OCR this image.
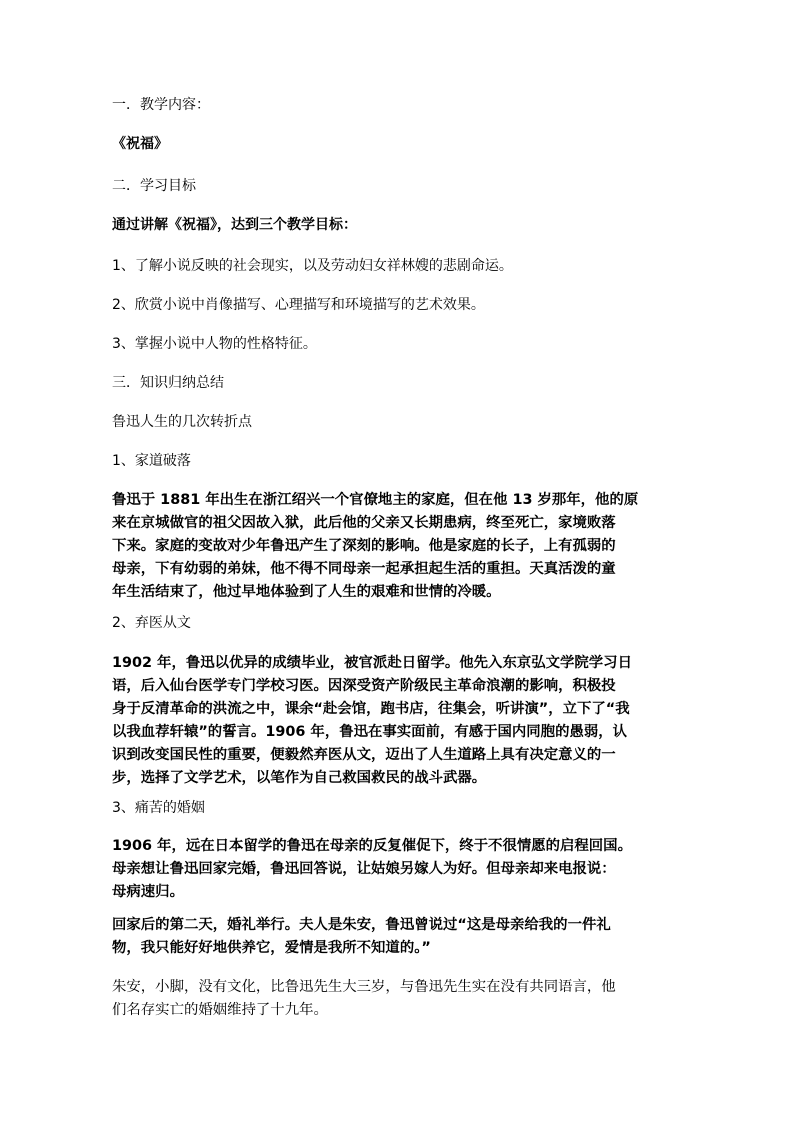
一．教学内容：
《祝福》
二．学习目标
通过讲解《祝福》，达到三个教学目标：
1、了解小说反映的社会现实，以及劳动妇女祥林嫂的悲剧命运。
2、欣赏小说中肖像描写、心理描写和环境描写的艺术效果。
3、掌握小说中人物的性格特征。
三．知识归纳总结
鲁迅人生的几次转折点
1、家道破落
鲁迅于 1881 年出生在浙江绍兴一个官僚地主的家庭，但在他 13 岁那年，他的原
来在京城做官的祖父因故入狱，此后他的父亲又长期患病，终至死亡，家境败落
下来。家庭的变故对少年鲁迅产生了深刻的影响。他是家庭的长子，上有孤弱的
母亲，下有幼弱的弟妹，他不得不同母亲一起承担起生活的重担。天真活泼的童
年生活结束了，他过早地体验到了人生的艰难和世情的冷暖。
2、弃医从文
1902 年，鲁迅以优异的成绩毕业，被官派赴日留学。他先入东京弘文学院学习日
语，后入仙台医学专门学校习医。因深受资产阶级民主革命浪潮的影响，积极投
身于反清革命的洪流之中，课余“赴会馆，跑书店，往集会，听讲演”，立下了“我
以我血荐轩辕”的誓言。1906 年，鲁迅在事实面前，有感于国内同胞的愚弱，认
识到改变国民性的重要，便毅然弃医从文，迈出了人生道路上具有决定意义的一
步，选择了文学艺术，以笔作为自己救国救民的战斗武器。
3、痛苦的婚姻
1906 年，远在日本留学的鲁迅在母亲的反复催促下，终于不很情愿的启程回国。
母亲想让鲁迅回家完婚，鲁迅回答说，让姑娘另嫁人为好。但母亲却来电报说：
母病速归。
回家后的第二天，婚礼举行。夫人是朱安，鲁迅曾说过“这是母亲给我的一件礼
物，我只能好好地供养它，爱情是我所不知道的。”
朱安，小脚，没有文化，比鲁迅先生大三岁，与鲁迅先生实在没有共同语言，他
们名存实亡的婚姻维持了十九年。
